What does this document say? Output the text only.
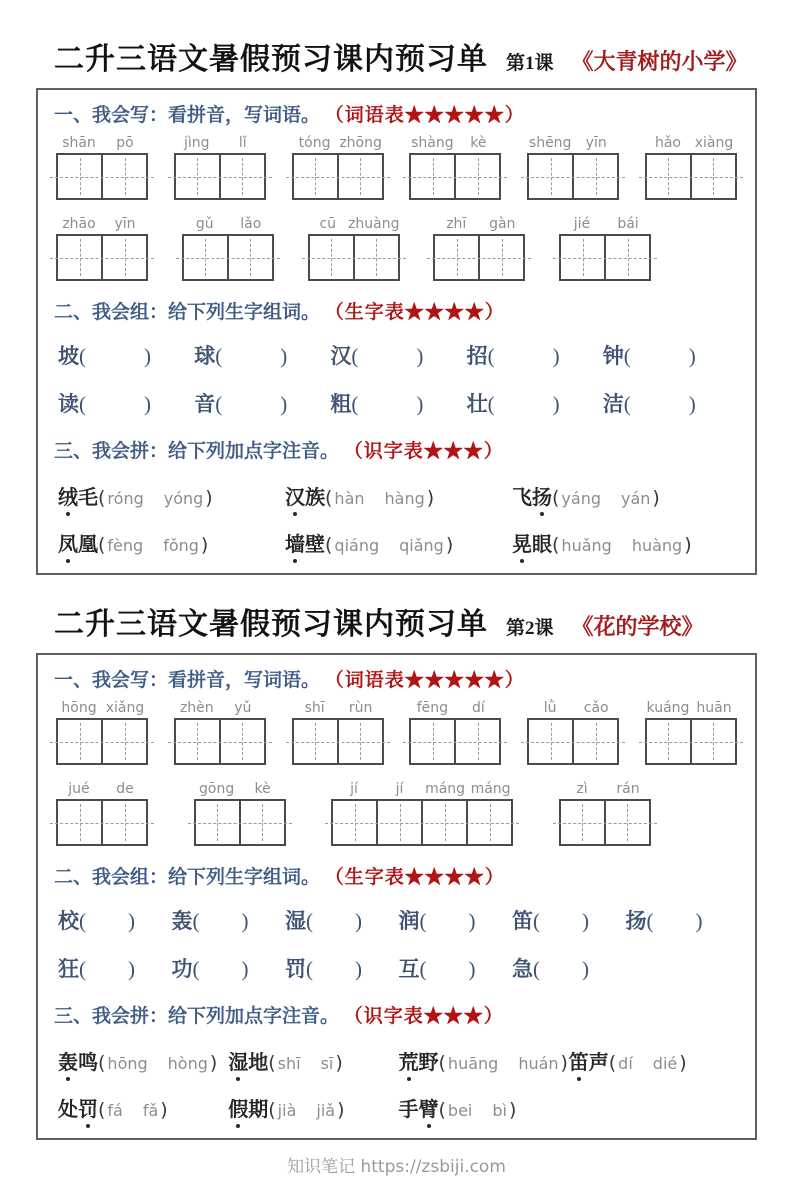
二升三语文暑假预习课内预习单 第1课 《大青树的小学》
一、我会写：看拼音，写词语。 （词语表★★★★★）
shān	pō	jìng	lǐ	tóng zhōng shàng	kè	shēng	yīn	hǎo xiàng
zhāo	yīn	gǔ	lǎo	cū zhuàng	zhī	gàn	jié	bái
二、我会组：给下列生字组词。 （生字表★★★★）
坡(	)	球(	)	汉(	)	招(	)	钟(	)
读(	)	音(	)	粗(	)	壮(	)	洁(	)
三、我会拼：给下列加点字注音。 （识字表★★★）
绒毛( róng yóng )	汉族( hàn hàng )	飞扬( yáng yán )
凤凰( fèng fǒng )	墙壁( qiáng qiǎng )	晃眼( huǎng huàng )
二升三语文暑假预习课内预习单 第2课 《花的学校》
一、我会写：看拼音，写词语。 （词语表★★★★★）
hōng xiǎng	zhèn	yǔ	shī	rùn	fēng	dí	lǜ	cǎo	kuáng huān
jué	de	gōng	kè	jí	jí	máng máng	zì	rán
二、我会组：给下列生字组词。 （生字表★★★★）
校( )	轰( )	湿( )	润( )	笛( )	扬( )
狂( )	功( )	罚( )	互( )	急( )
三、我会拼：给下列加点字注音。 （识字表★★★）
轰鸣( hōng hòng ) 湿地( shī sī )	荒野( huāng huán ) 笛声( dí dié )
处罚( fá fǎ )	假期( jià jiǎ )	手臂( bei bì )
知识笔记 https://zsbiji.com
